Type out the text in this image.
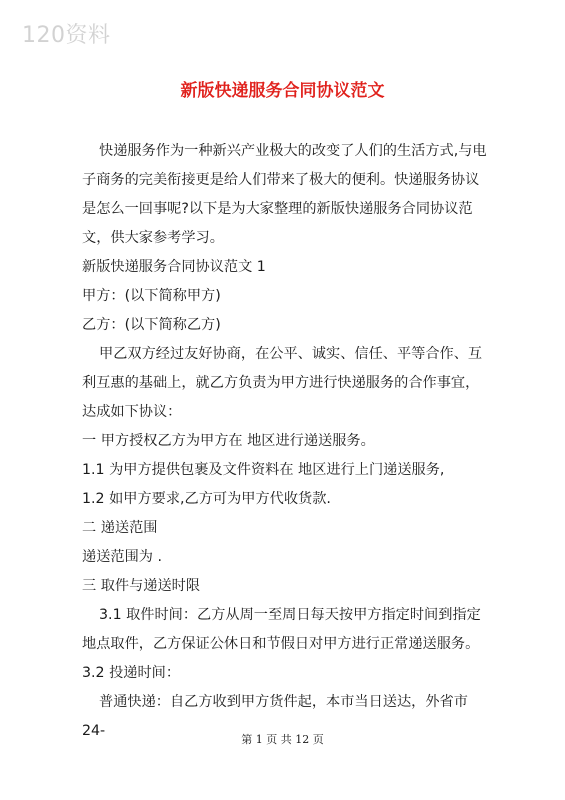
120资料
新版快递服务合同协议范文

快递服务作为一种新兴产业极大的改变了人们的生活方式,与电子商务的完美衔接更是给人们带来了极大的便利。快递服务协议是怎么一回事呢?以下是为大家整理的新版快递服务合同协议范文，供大家参考学习。

新版快递服务合同协议范文 1

甲方：(以下简称甲方)

乙方：(以下简称乙方)

甲乙双方经过友好协商，在公平、诚实、信任、平等合作、互利互惠的基础上，就乙方负责为甲方进行快递服务的合作事宜，达成如下协议：

一 甲方授权乙方为甲方在 地区进行递送服务。

1.1 为甲方提供包裹及文件资料在 地区进行上门递送服务,

1.2 如甲方要求,乙方可为甲方代收货款.

二 递送范围

递送范围为 .

三 取件与递送时限

3.1 取件时间：乙方从周一至周日每天按甲方指定时间到指定地点取件，乙方保证公休日和节假日对甲方进行正常递送服务。

3.2 投递时间：

普通快递：自乙方收到甲方货件起，本市当日送达，外省市 24-

第 1 页 共 12 页
